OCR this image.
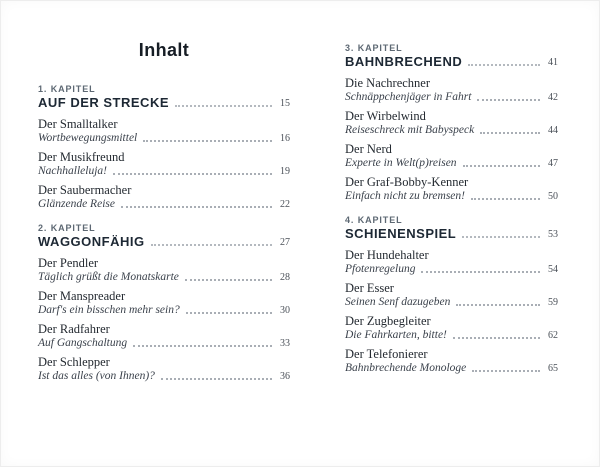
Inhalt
1. KAPITEL
AUF DER STRECKE	15
Der Smalltalker
Wortbewegungsmittel	16
Der Musikfreund
Nachhalleluja!	19
Der Saubermacher
Glänzende Reise	22
2. KAPITEL
WAGGONFÄHIG	27
Der Pendler
Täglich grüßt die Monatskarte	28
Der Manspreader
Darf's ein bisschen mehr sein?	30
Der Radfahrer
Auf Gangschaltung	33
Der Schlepper
Ist das alles (von Ihnen)?	36
3. KAPITEL
BAHNBRECHEND	41
Die Nachrechner
Schnäppchenjäger in Fahrt	42
Der Wirbelwind
Reiseschreck mit Babyspeck	44
Der Nerd
Experte in Welt(p)reisen	47
Der Graf-Bobby-Kenner
Einfach nicht zu bremsen!	50
4. KAPITEL
SCHIENENSPIEL	53
Der Hundehalter
Pfotenregelung	54
Der Esser
Seinen Senf dazugeben	59
Der Zugbegleiter
Die Fahrkarten, bitte!	62
Der Telefonierer
Bahnbrechende Monologe	65
